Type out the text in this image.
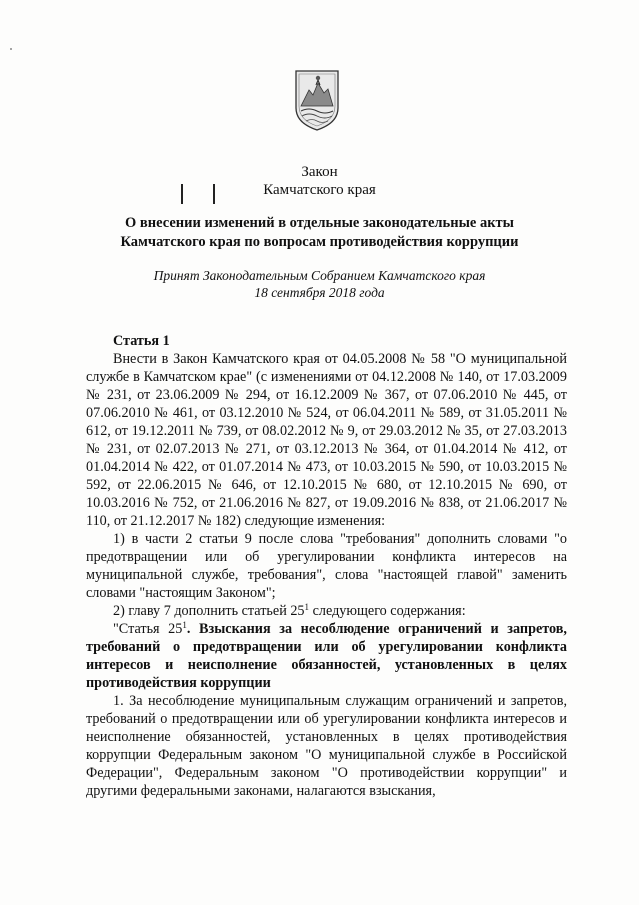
Закон
Камчатского края
О внесении изменений в отдельные законодательные акты
Камчатского края по вопросам противодействия коррупции
Принят Законодательным Собранием Камчатского края
18 сентября 2018 года

Статья 1

Внести в Закон Камчатского края от 04.05.2008 № 58 "О муниципальной службе в Камчатском крае" (с изменениями от 04.12.2008 № 140, от 17.03.2009 № 231, от 23.06.2009 № 294, от 16.12.2009 № 367, от 07.06.2010 № 445, от 07.06.2010 № 461, от 03.12.2010 № 524, от 06.04.2011 № 589, от 31.05.2011 № 612, от 19.12.2011 № 739, от 08.02.2012 № 9, от 29.03.2012 № 35, от 27.03.2013 № 231, от 02.07.2013 № 271, от 03.12.2013 № 364, от 01.04.2014 № 412, от 01.04.2014 № 422, от 01.07.2014 № 473, от 10.03.2015 № 590, от 10.03.2015 № 592, от 22.06.2015 № 646, от 12.10.2015 № 680, от 12.10.2015 № 690, от 10.03.2016 № 752, от 21.06.2016 № 827, от 19.09.2016 № 838, от 21.06.2017 № 110, от 21.12.2017 № 182) следующие изменения:

1) в части 2 статьи 9 после слова "требования" дополнить словами "о предотвращении или об урегулировании конфликта интересов на муниципальной службе, требования", слова "настоящей главой" заменить словами "настоящим Законом";

2) главу 7 дополнить статьей $25^1$ следующего содержания:

"Статья $25^1$. Взыскания за несоблюдение ограничений и запретов, требований о предотвращении или об урегулировании конфликта интересов и неисполнение обязанностей, установленных в целях противодействия коррупции

1. За несоблюдение муниципальным служащим ограничений и запретов, требований о предотвращении или об урегулировании конфликта интересов и неисполнение обязанностей, установленных в целях противодействия коррупции Федеральным законом "О муниципальной службе в Российской Федерации", Федеральным законом "О противодействии коррупции" и другими федеральными законами, налагаются взыскания,
